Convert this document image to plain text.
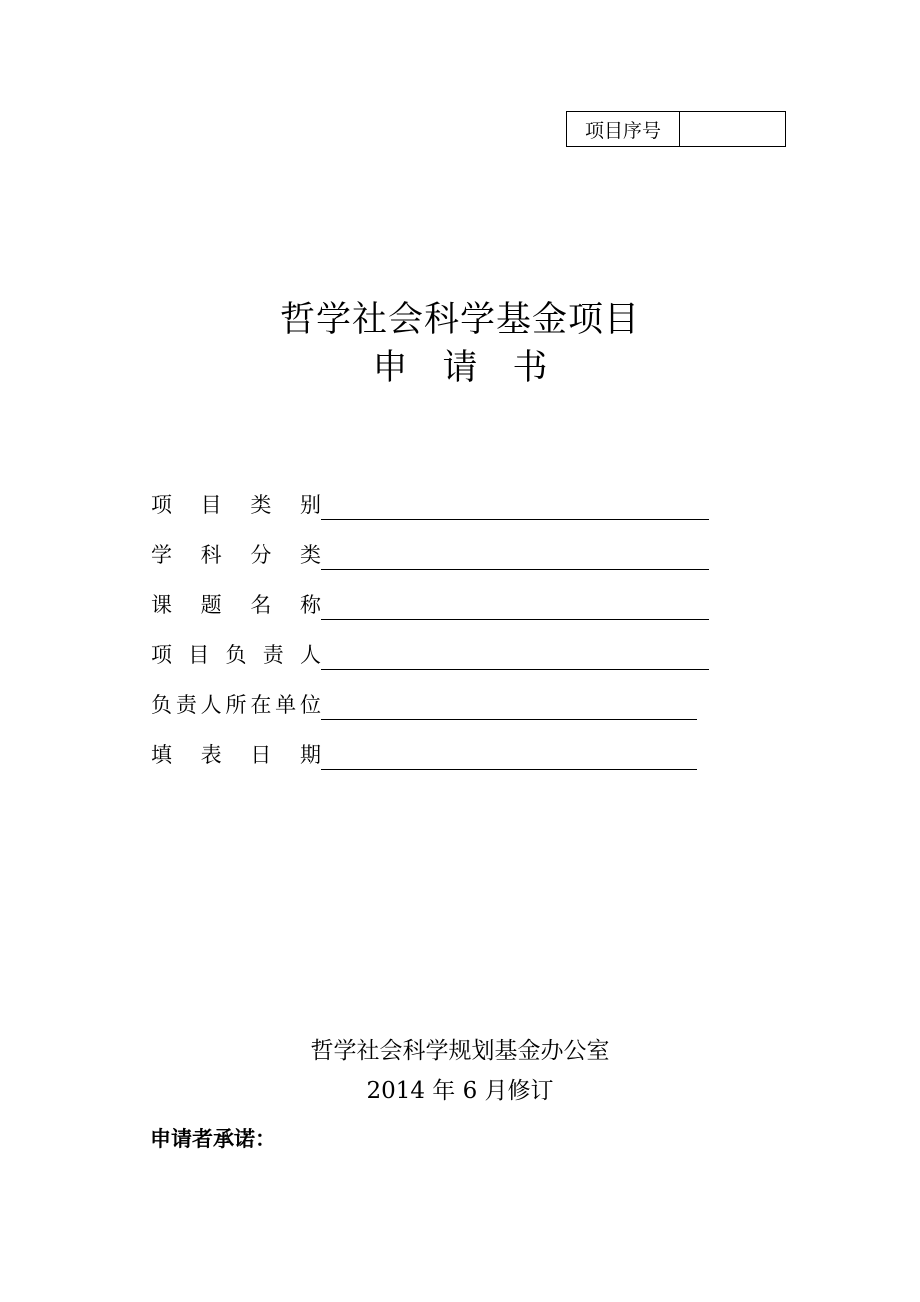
项目序号
哲学社会科学基金项目
申　请　书
项 目 类 别
学 科 分 类
课 题 名 称
项 目 负 责 人
负 责 人 所 在 单 位
填 表 日 期
哲学社会科学规划基金办公室
2014 年 6 月修订
申请者承诺：
